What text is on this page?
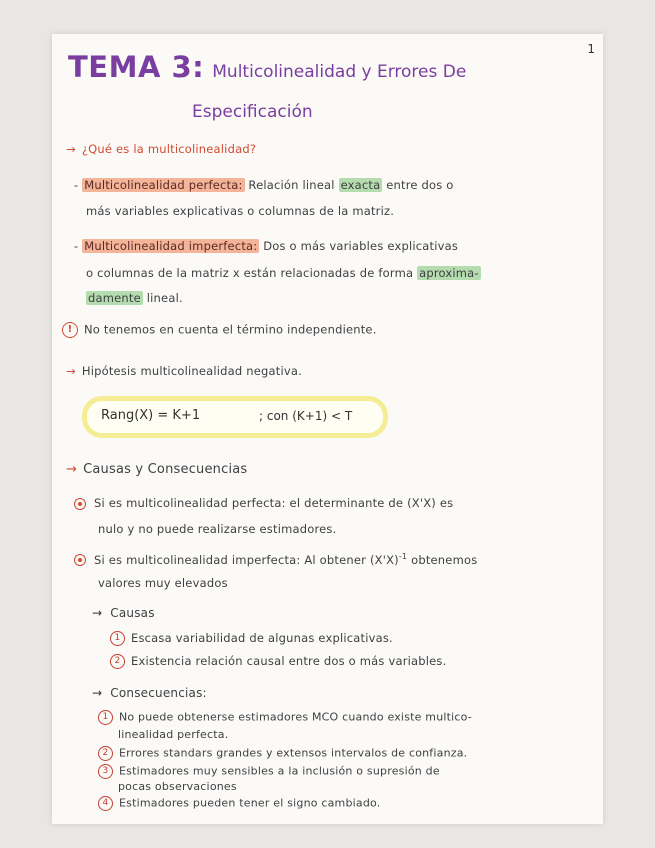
1
TEMA 3: Multicolinealidad y Errores De
Especificación
→ ¿Qué es la multicolinealidad?
- Multicolinealidad perfecta: Relación lineal exacta entre dos o
más variables explicativas o columnas de la matriz.
- Multicolinealidad imperfecta: Dos o más variables explicativas
o columnas de la matriz x están relacionadas de forma aproxima-
damente lineal.
! No tenemos en cuenta el término independiente.
→ Hipótesis multicolinealidad negativa.
Rang(X) = K+1	; con (K+1) < T
→ Causas y Consecuencias
Si es multicolinealidad perfecta: el determinante de (X'X) es
nulo y no puede realizarse estimadores.
Si es multicolinealidad imperfecta: Al obtener $(X'X)^{-1}$ obtenemos
valores muy elevados
→ Causas
1 Escasa variabilidad de algunas explicativas.
2 Existencia relación causal entre dos o más variables.
→ Consecuencias:
1 No puede obtenerse estimadores MCO cuando existe multico-
linealidad perfecta.
2 Errores standars grandes y extensos intervalos de confianza.
3 Estimadores muy sensibles a la inclusión o supresión de
pocas observaciones
4 Estimadores pueden tener el signo cambiado.
